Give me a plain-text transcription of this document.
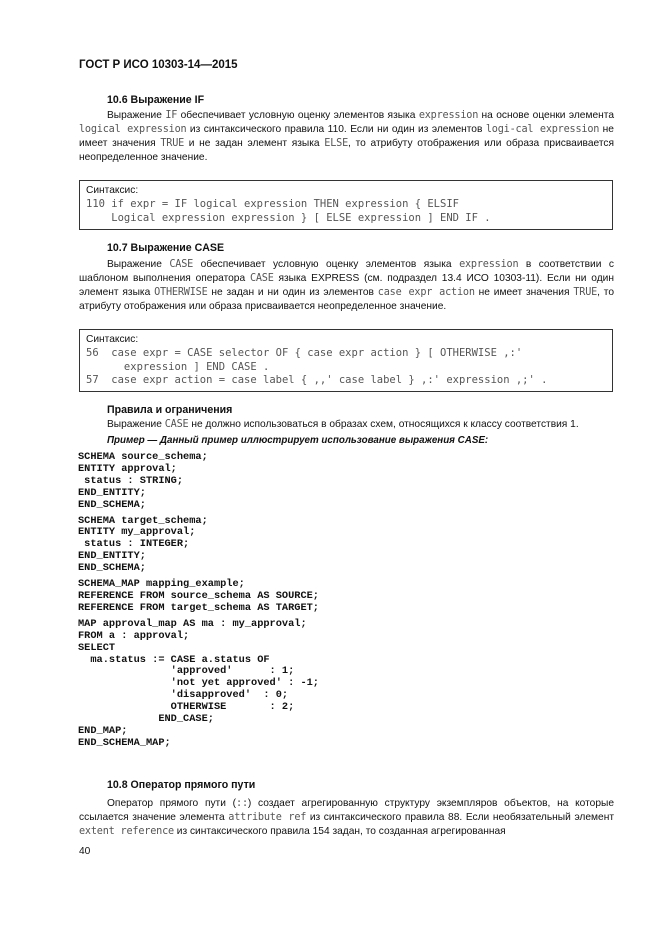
ГОСТ Р ИСО 10303-14—2015
10.6 Выражение IF
Выражение IF обеспечивает условную оценку элементов языка expression на основе оценки элемента logical expression из синтаксического правила 110. Если ни один из элементов logi-cal expression не имеет значения TRUE и не задан элемент языка ELSE, то атрибуту отображения или образа присваивается неопределенное значение.
Синтаксис:
110 if expr = IF logical expression THEN expression { ELSIF
Logical expression expression } [ ELSE expression ] END IF .
10.7 Выражение CASE
Выражение CASE обеспечивает условную оценку элементов языка expression в соответствии с шаблоном выполнения оператора CASE языка EXPRESS (см. подраздел 13.4 ИСО 10303-11). Если ни один элемент языка OTHERWISE не задан и ни один из элементов case expr action не имеет значения TRUE, то атрибуту отображения или образа присваивается неопределенное значение.
Синтаксис:
56  case expr = CASE selector OF { case expr action } [ OTHERWISE ,:'
expression ] END CASE .
57  case expr action = case label { ,,' case label } ,:' expression ,;' .
Правила и ограничения
Выражение CASE не должно использоваться в образах схем, относящихся к классу соответствия 1.
Пример — Данный пример иллюстрирует использование выражения CASE:
SCHEMA source_schema;
ENTITY approval;
status : STRING;
END_ENTITY;
END_SCHEMA;

SCHEMA target_schema;
ENTITY my_approval;
status : INTEGER;
END_ENTITY;
END_SCHEMA;

SCHEMA_MAP mapping_example;
REFERENCE FROM source_schema AS SOURCE;
REFERENCE FROM target_schema AS TARGET;

MAP approval_map AS ma : my_approval;
FROM a : approval;
SELECT
ma.status := CASE a.status OF
'approved'      : 1;
'not yet approved' : -1;
'disapproved'  : 0;
OTHERWISE       : 2;
END_CASE;
END_MAP;
END_SCHEMA_MAP;
10.8 Оператор прямого пути
Оператор прямого пути (::) создает агрегированную структуру экземпляров объектов, на которые ссылается значение элемента attribute ref из синтаксического правила 88. Если необязательный элемент extent reference из синтаксического правила 154 задан, то созданная агрегированная
40
